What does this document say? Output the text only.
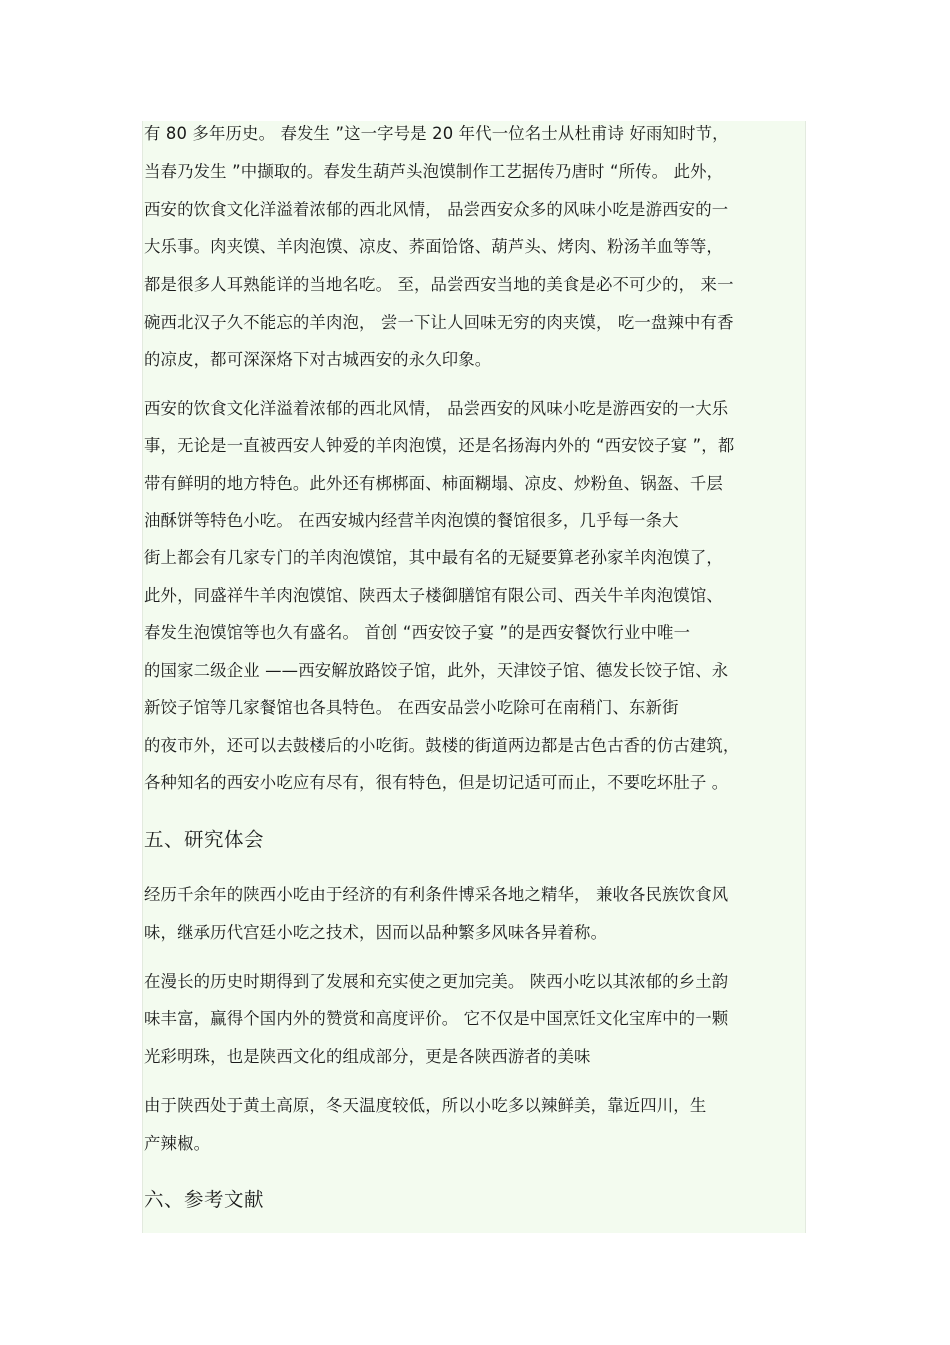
有 80 多年历史。 春发生 ”这一字号是 20 年代一位名士从杜甫诗 好雨知时节，
当春乃发生 ”中撷取的。春发生葫芦头泡馍制作工艺据传乃唐时 “所传。 此外，
西安的饮食文化洋溢着浓郁的西北风情， 品尝西安众多的风味小吃是游西安的一
大乐事。肉夹馍、羊肉泡馍、凉皮、荞面饸饹、葫芦头、烤肉、粉汤羊血等等，
都是很多人耳熟能详的当地名吃。 至，品尝西安当地的美食是必不可少的， 来一
碗西北汉子久不能忘的羊肉泡， 尝一下让人回味无穷的肉夹馍， 吃一盘辣中有香
的凉皮，都可深深烙下对古城西安的永久印象。
西安的饮食文化洋溢着浓郁的西北风情， 品尝西安的风味小吃是游西安的一大乐
事，无论是一直被西安人钟爱的羊肉泡馍，还是名扬海内外的 “西安饺子宴 ”，都
带有鲜明的地方特色。此外还有梆梆面、柿面糊塌、凉皮、炒粉鱼、锅盔、千层
油酥饼等特色小吃。 在西安城内经营羊肉泡馍的餐馆很多，几乎每一条大
街上都会有几家专门的羊肉泡馍馆，其中最有名的无疑要算老孙家羊肉泡馍了，
此外，同盛祥牛羊肉泡馍馆、陕西太子楼御膳馆有限公司、西关牛羊肉泡馍馆、
春发生泡馍馆等也久有盛名。 首创 “西安饺子宴 ”的是西安餐饮行业中唯一
的国家二级企业 ——西安解放路饺子馆，此外，天津饺子馆、德发长饺子馆、永
新饺子馆等几家餐馆也各具特色。 在西安品尝小吃除可在南稍门、东新街
的夜市外，还可以去鼓楼后的小吃街。鼓楼的街道两边都是古色古香的仿古建筑，
各种知名的西安小吃应有尽有，很有特色，但是切记适可而止，不要吃坏肚子 。
五、研究体会
经历千余年的陕西小吃由于经济的有利条件博采各地之精华， 兼收各民族饮食风
味，继承历代宫廷小吃之技术，因而以品种繁多风味各异着称。
在漫长的历史时期得到了发展和充实使之更加完美。 陕西小吃以其浓郁的乡土韵
味丰富，赢得个国内外的赞赏和高度评价。 它不仅是中国烹饪文化宝库中的一颗
光彩明珠，也是陕西文化的组成部分，更是各陕西游者的美味
由于陕西处于黄土高原，冬天温度较低，所以小吃多以辣鲜美，靠近四川，生
产辣椒。
六、参考文献
